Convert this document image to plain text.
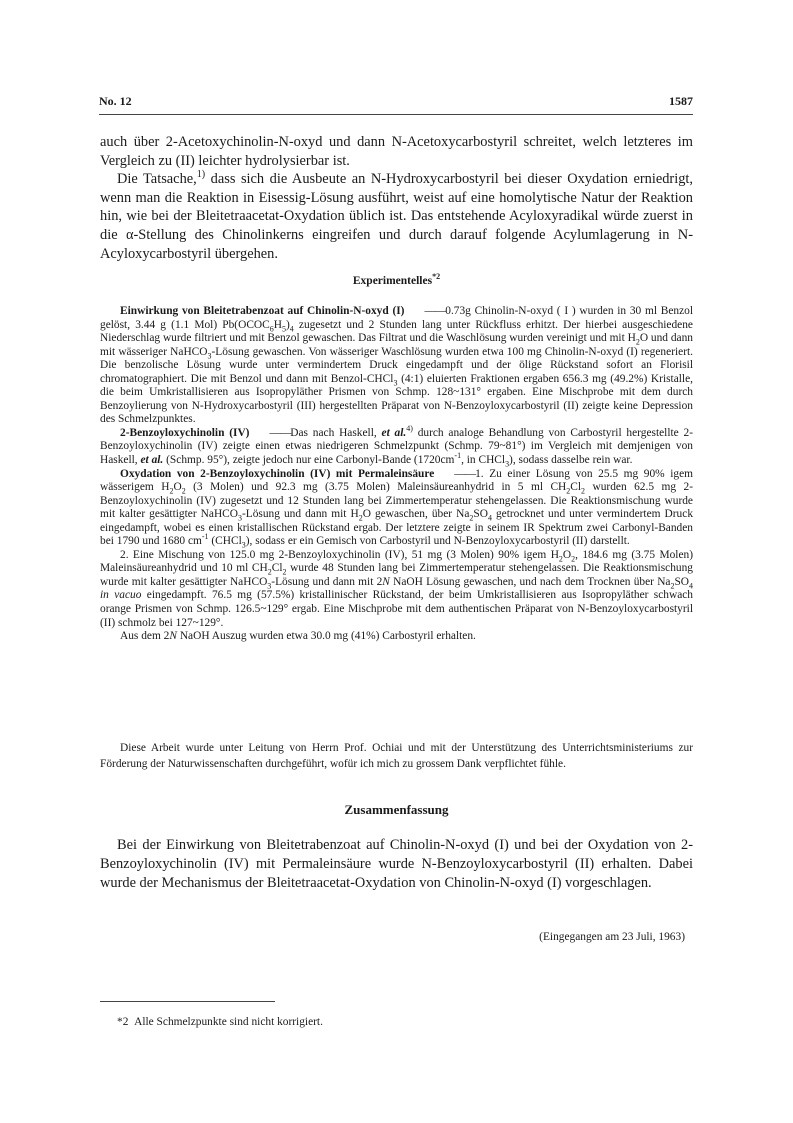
No. 12	1587

auch über 2-Acetoxychinolin-N-oxyd und dann N-Acetoxycarbostyril schreitet, welch letzteres im Vergleich zu (II) leichter hydrolysierbar ist.

Die Tatsache,$^{1)}$ dass sich die Ausbeute an N-Hydroxycarbostyril bei dieser Oxydation erniedrigt, wenn man die Reaktion in Eisessig-Lösung ausführt, weist auf eine homolytische Natur der Reaktion hin, wie bei der Bleitetraacetat-Oxydation üblich ist. Das entstehende Acyloxyradikal würde zuerst in die α-Stellung des Chinolinkerns eingreifen und durch darauf folgende Acylumlagerung in N-Acyloxycarbostyril übergehen.

Experimentelles$^{*2}$

Einwirkung von Bleitetrabenzoat auf Chinolin-N-oxyd (I) ——0.73g Chinolin-N-oxyd ( I ) wurden in 30 ml Benzol gelöst, 3.44 g (1.1 Mol) $Pb(OCOC_6H_5)_4$ zugesetzt und 2 Stunden lang unter Rückfluss erhitzt. Der hierbei ausgeschiedene Niederschlag wurde filtriert und mit Benzol gewaschen. Das Filtrat und die Waschlösung wurden vereinigt und mit $H_2O$ und dann mit wässeriger NaHCO$_3$-Lösung gewaschen. Von wässeriger Waschlösung wurden etwa 100 mg Chinolin-N-oxyd (I) regeneriert. Die benzolische Lösung wurde unter vermindertem Druck eingedampft und der ölige Rückstand sofort an Florisil chromatographiert. Die mit Benzol und dann mit Benzol-CHCl$_3$ (4:1) eluierten Fraktionen ergaben 656.3 mg (49.2%) Kristalle, die beim Umkristallisieren aus Isopropyläther Prismen von Schmp. 128~131° ergaben. Eine Mischprobe mit dem durch Benzoylierung von N-Hydroxycarbostyril (III) hergestellten Präparat von N-Benzoyloxycarbostyril (II) zeigte keine Depression des Schmelzpunktes.

2-Benzoyloxychinolin (IV) ——Das nach Haskell, et al.$^{4)}$ durch analoge Behandlung von Carbostyril hergestellte 2-Benzoyloxychinolin (IV) zeigte einen etwas niedrigeren Schmelzpunkt (Schmp. 79~81°) im Vergleich mit demjenigen von Haskell, et al. (Schmp. 95°), zeigte jedoch nur eine Carbonyl-Bande ($1720cm^{-1}$, in CHCl$_3$), sodass dasselbe rein war.

Oxydation von 2-Benzoyloxychinolin (IV) mit Permaleinsäure ——1. Zu einer Lösung von 25.5 mg 90% igem wässerigem $H_2O_2$ (3 Molen) und 92.3 mg (3.75 Molen) Maleinsäureanhydrid in 5 ml $CH_2Cl_2$ wurden 62.5 mg 2-Benzoyloxychinolin (IV) zugesetzt und 12 Stunden lang bei Zimmertemperatur stehengelassen. Die Reaktionsmischung wurde mit kalter gesättigter NaHCO$_3$-Lösung und dann mit $H_2O$ gewaschen, über $Na_2SO_4$ getrocknet und unter vermindertem Druck eingedampft, wobei es einen kristallischen Rückstand ergab. Der letztere zeigte in seinem IR Spektrum zwei Carbonyl-Banden bei 1790 und 1680 $cm^{-1}$ (CHCl$_3$), sodass er ein Gemisch von Carbostyril und N-Benzoyloxycarbostyril (II) darstellt.

2. Eine Mischung von 125.0 mg 2-Benzoyloxychinolin (IV), 51 mg (3 Molen) 90% igem $H_2O_2$, 184.6 mg (3.75 Molen) Maleinsäureanhydrid und 10 ml $CH_2Cl_2$ wurde 48 Stunden lang bei Zimmertemperatur stehengelassen. Die Reaktionsmischung wurde mit kalter gesättigter NaHCO$_3$-Lösung und dann mit 2N NaOH Lösung gewaschen, und nach dem Trocknen über $Na_2SO_4$ in vacuo eingedampft. 76.5 mg (57.5%) kristallinischer Rückstand, der beim Umkristallisieren aus Isopropyläther schwach orange Prismen von Schmp. 126.5~129° ergab. Eine Mischprobe mit dem authentischen Präparat von N-Benzoyloxycarbostyril (II) schmolz bei 127~129°.

Aus dem 2N NaOH Auszug wurden etwa 30.0 mg (41%) Carbostyril erhalten.

Diese Arbeit wurde unter Leitung von Herrn Prof. Ochiai und mit der Unterstützung des Unterrichtsministeriums zur Förderung der Naturwissenschaften durchgeführt, wofür ich mich zu grossem Dank verpflichtet fühle.

Zusammenfassung

Bei der Einwirkung von Bleitetrabenzoat auf Chinolin-N-oxyd (I) und bei der Oxydation von 2-Benzoyloxychinolin (IV) mit Permaleinsäure wurde N-Benzoyloxycarbostyril (II) erhalten. Dabei wurde der Mechanismus der Bleitetraacetat-Oxydation von Chinolin-N-oxyd (I) vorgeschlagen.

(Eingegangen am 23 Juli, 1963)
*2 Alle Schmelzpunkte sind nicht korrigiert.
